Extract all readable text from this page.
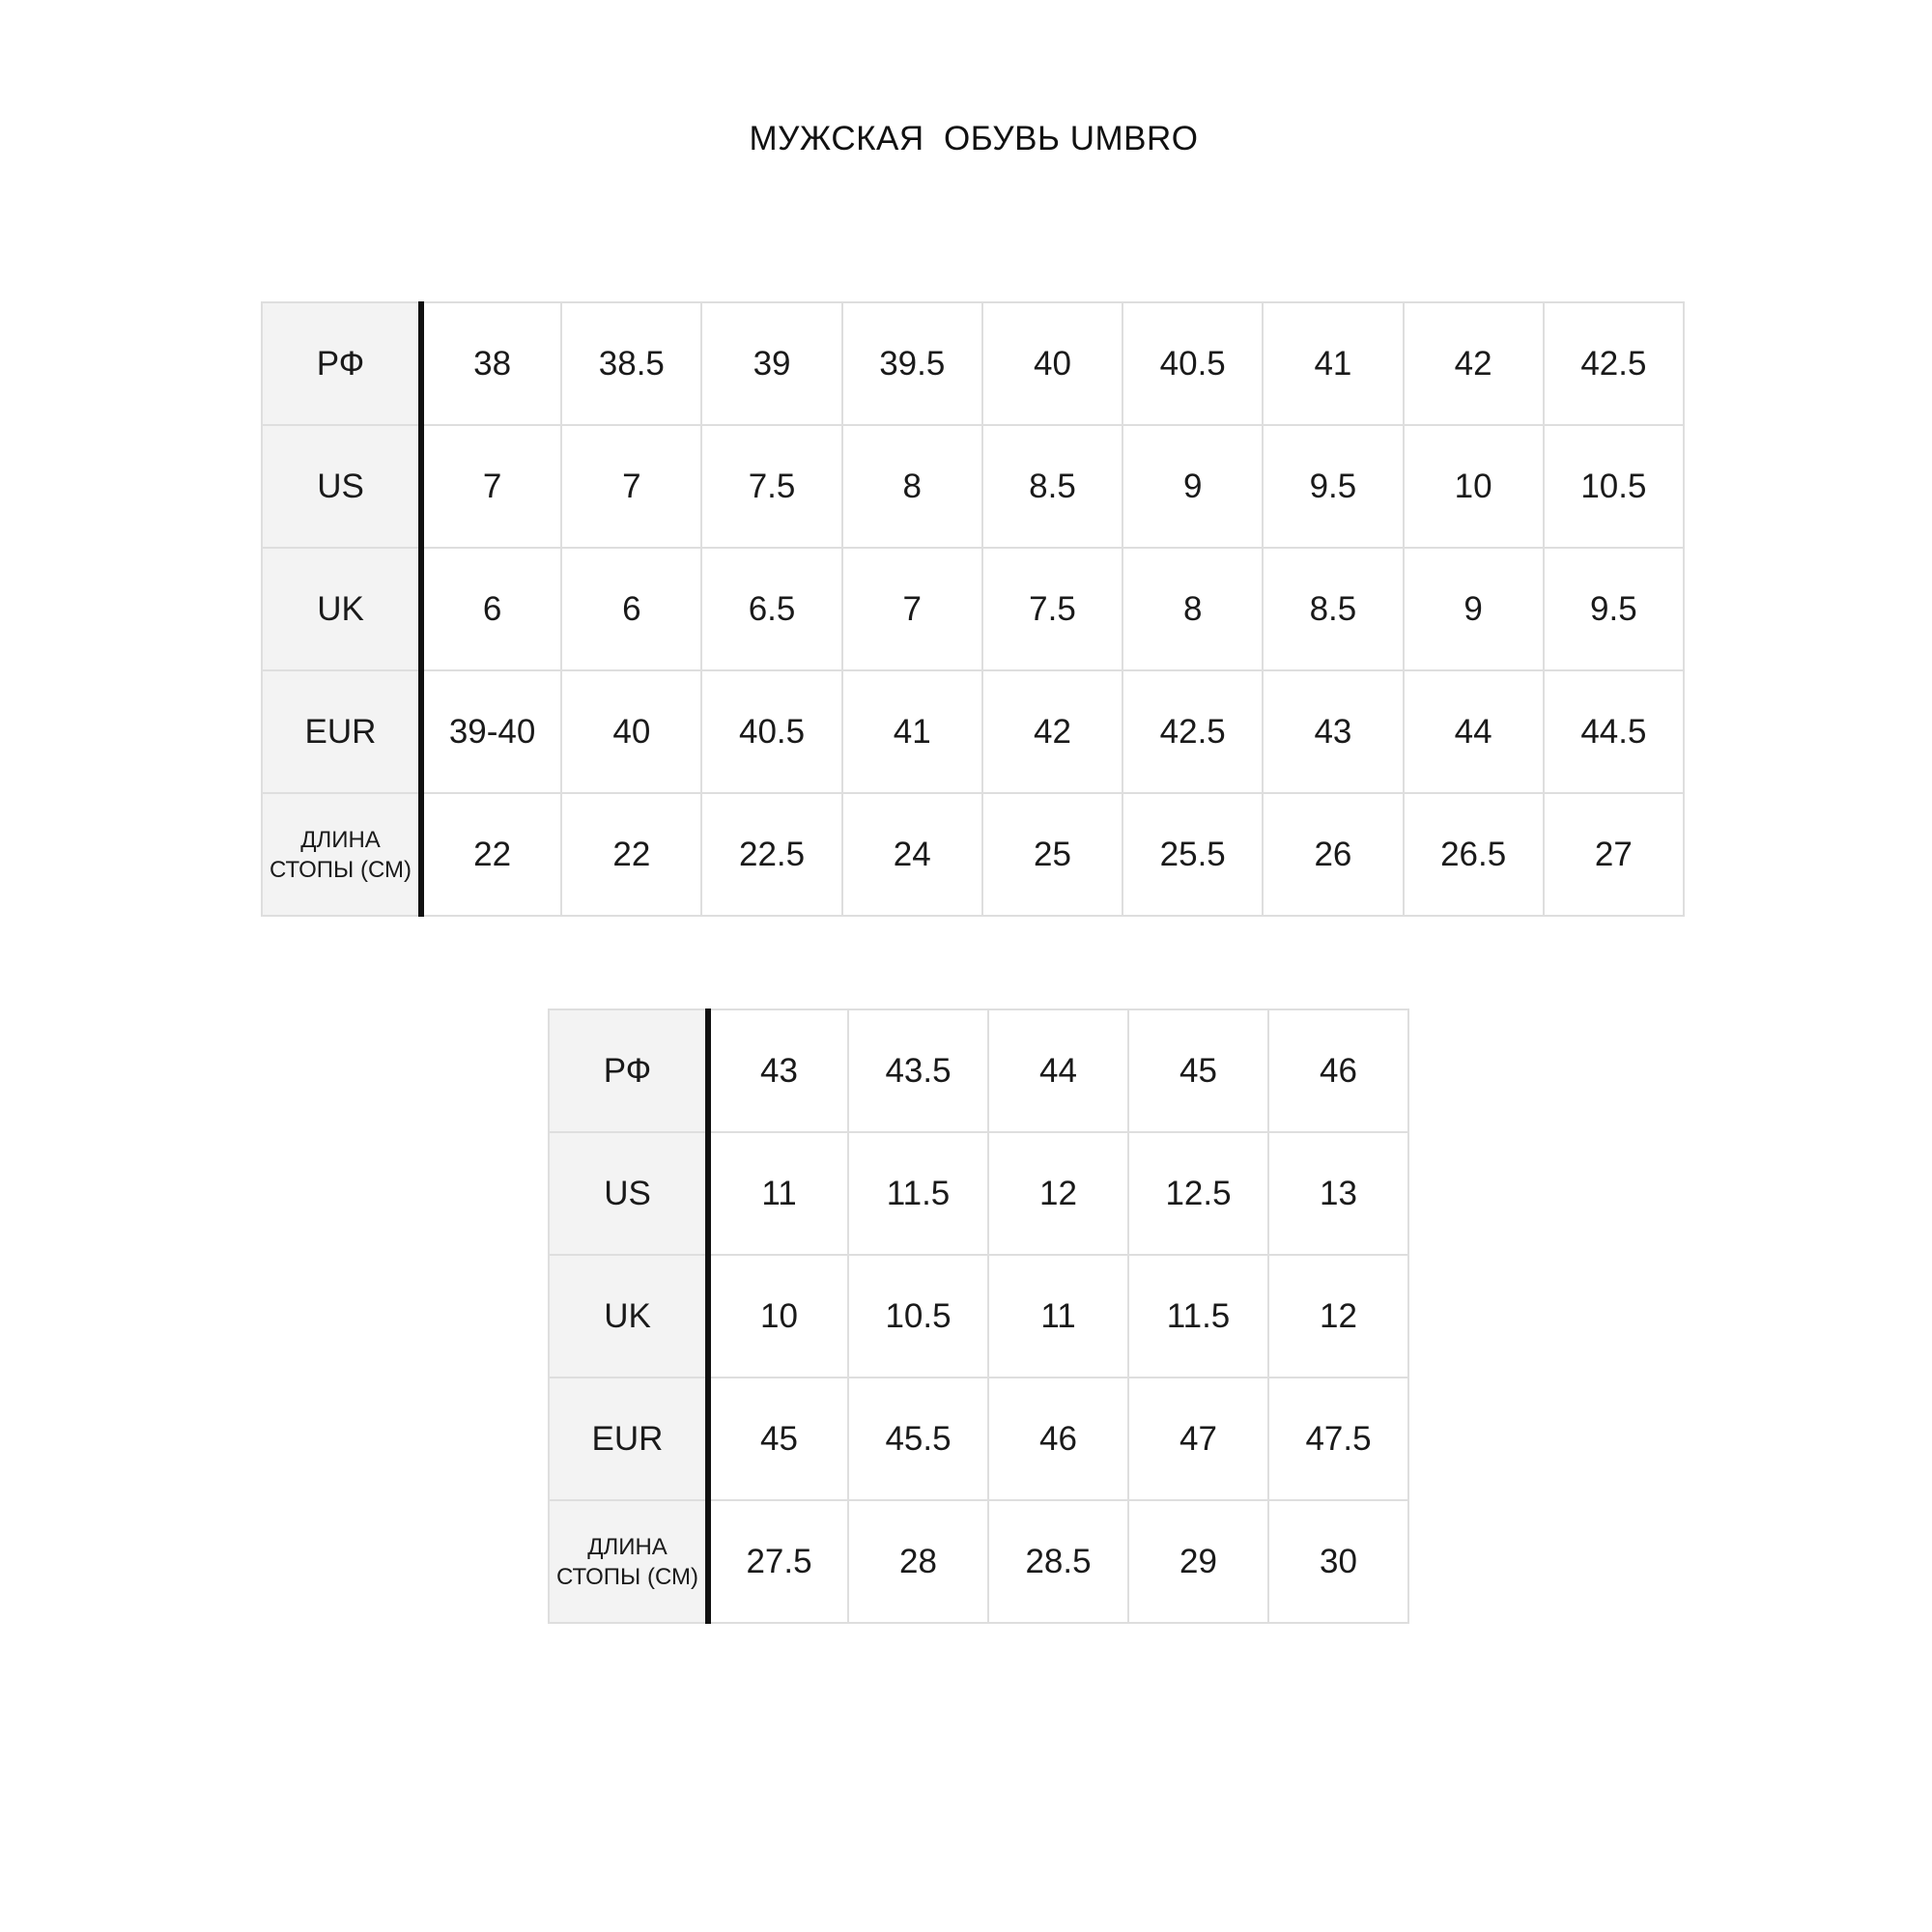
МУЖСКАЯ  ОБУВЬ UMBRO
РФ	38	38.5	39	39.5	40	40.5	41	42	42.5
US	7	7	7.5	8	8.5	9	9.5	10	10.5
UK	6	6	6.5	7	7.5	8	8.5	9	9.5
EUR	39-40	40	40.5	41	42	42.5	43	44	44.5
ДЛИНА СТОПЫ (СМ)	22	22	22.5	24	25	25.5	26	26.5	27
РФ	43	43.5	44	45	46
US	11	11.5	12	12.5	13
UK	10	10.5	11	11.5	12
EUR	45	45.5	46	47	47.5
ДЛИНА СТОПЫ (СМ)	27.5	28	28.5	29	30
